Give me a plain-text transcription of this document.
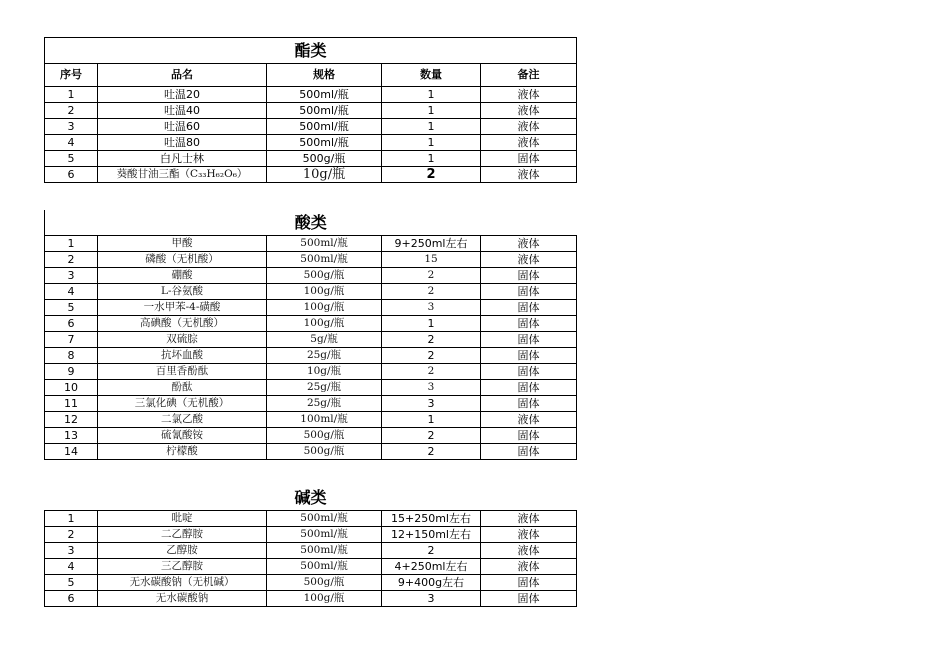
酯类				
序号	品名	规格	数量	备注
1	吐温20	500ml/瓶	1	液体
2	吐温40	500ml/瓶	1	液体
3	吐温60	500ml/瓶	1	液体
4	吐温80	500ml/瓶	1	液体
5	白凡士林	500g/瓶	1	固体
6	葵酸甘油三酯（C₃₃H₆₂O₆）	10g/瓶	2	液体
酸类				
1	甲酸	500ml/瓶	9+250ml左右	液体
2	磷酸（无机酸）	500ml/瓶	15	液体
3	硼酸	500g/瓶	2	固体
4	L-谷氨酸	100g/瓶	2	固体
5	一水甲苯-4-磺酸	100g/瓶	3	固体
6	高碘酸（无机酸）	100g/瓶	1	固体
7	双硫腙	5g/瓶	2	固体
8	抗坏血酸	25g/瓶	2	固体
9	百里香酚酞	10g/瓶	2	固体
10	酚酞	25g/瓶	3	固体
11	三氯化碘（无机酸）	25g/瓶	3	固体
12	二氯乙酸	100ml/瓶	1	液体
13	硫氰酸铵	500g/瓶	2	固体
14	柠檬酸	500g/瓶	2	固体
碱类				
1	吡啶	500ml/瓶	15+250ml左右	液体
2	二乙醇胺	500ml/瓶	12+150ml左右	液体
3	乙醇胺	500ml/瓶	2	液体
4	三乙醇胺	500ml/瓶	4+250ml左右	液体
5	无水碳酸钠（无机碱）	500g/瓶	9+400g左右	固体
6	无水碳酸钠	100g/瓶	3	固体
